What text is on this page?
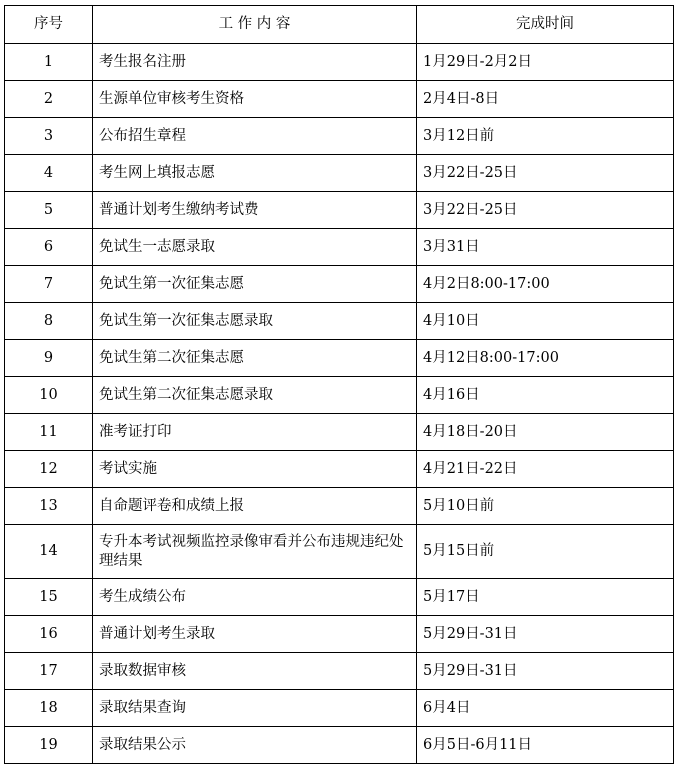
序号	工 作 内 容	完成时间
1	考生报名注册	1月29日-2月2日
2	生源单位审核考生资格	2月4日-8日
3	公布招生章程	3月12日前
4	考生网上填报志愿	3月22日-25日
5	普通计划考生缴纳考试费	3月22日-25日
6	免试生一志愿录取	3月31日
7	免试生第一次征集志愿	4月2日8:00-17:00
8	免试生第一次征集志愿录取	4月10日
9	免试生第二次征集志愿	4月12日8:00-17:00
10	免试生第二次征集志愿录取	4月16日
11	准考证打印	4月18日-20日
12	考试实施	4月21日-22日
13	自命题评卷和成绩上报	5月10日前
14	专升本考试视频监控录像审看并公布违规违纪处理结果	5月15日前
15	考生成绩公布	5月17日
16	普通计划考生录取	5月29日-31日
17	录取数据审核	5月29日-31日
18	录取结果查询	6月4日
19	录取结果公示	6月5日-6月11日
